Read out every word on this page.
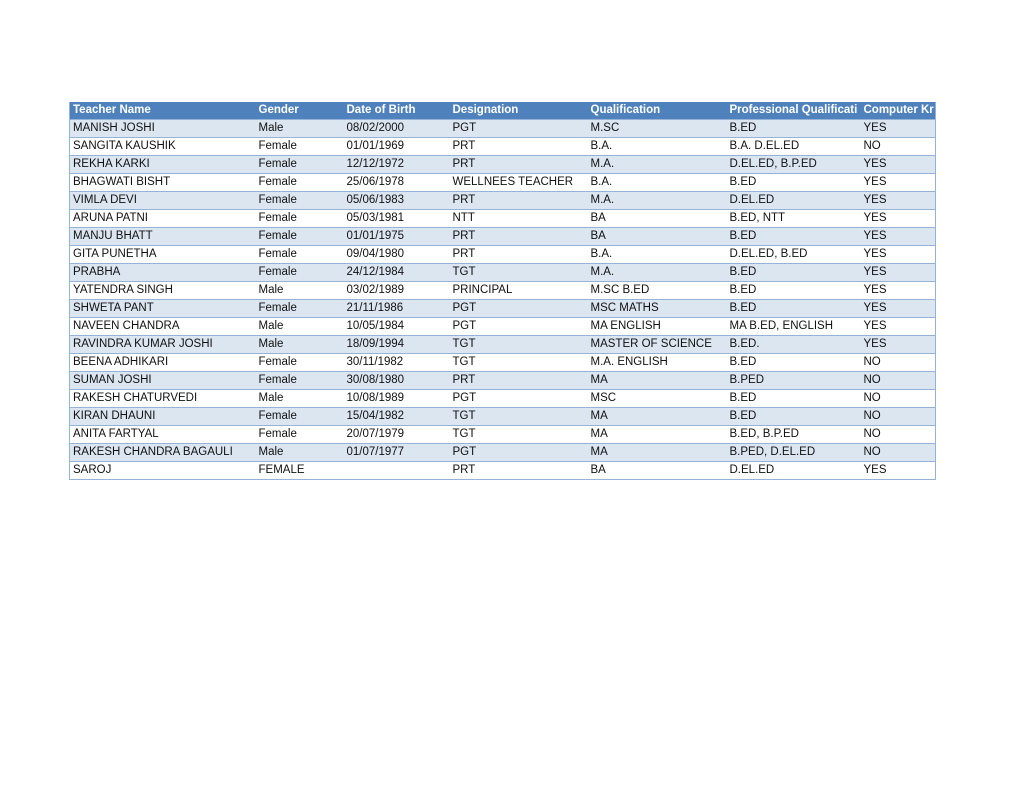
Teacher Name	Gender	Date of Birth	Designation	Qualification	Professional Qualificati	Computer Kr
MANISH JOSHI	Male	08/02/2000	PGT	M.SC	B.ED	YES
SANGITA KAUSHIK	Female	01/01/1969	PRT	B.A.	B.A. D.EL.ED	NO
REKHA KARKI	Female	12/12/1972	PRT	M.A.	D.EL.ED, B.P.ED	YES
BHAGWATI BISHT	Female	25/06/1978	WELLNEES TEACHER	B.A.	B.ED	YES
VIMLA DEVI	Female	05/06/1983	PRT	M.A.	D.EL.ED	YES
ARUNA PATNI	Female	05/03/1981	NTT	BA	B.ED, NTT	YES
MANJU BHATT	Female	01/01/1975	PRT	BA	B.ED	YES
GITA PUNETHA	Female	09/04/1980	PRT	B.A.	D.EL.ED, B.ED	YES
PRABHA	Female	24/12/1984	TGT	M.A.	B.ED	YES
YATENDRA SINGH	Male	03/02/1989	PRINCIPAL	M.SC B.ED	B.ED	YES
SHWETA PANT	Female	21/11/1986	PGT	MSC MATHS	B.ED	YES
NAVEEN CHANDRA	Male	10/05/1984	PGT	MA ENGLISH	MA B.ED, ENGLISH	YES
RAVINDRA KUMAR JOSHI	Male	18/09/1994	TGT	MASTER OF SCIENCE	B.ED.	YES
BEENA ADHIKARI	Female	30/11/1982	TGT	M.A. ENGLISH	B.ED	NO
SUMAN JOSHI	Female	30/08/1980	PRT	MA	B.PED	NO
RAKESH CHATURVEDI	Male	10/08/1989	PGT	MSC	B.ED	NO
KIRAN DHAUNI	Female	15/04/1982	TGT	MA	B.ED	NO
ANITA FARTYAL	Female	20/07/1979	TGT	MA	B.ED, B.P.ED	NO
RAKESH CHANDRA BAGAULI	Male	01/07/1977	PGT	MA	B.PED, D.EL.ED	NO
SAROJ	FEMALE		PRT	BA	D.EL.ED	YES
